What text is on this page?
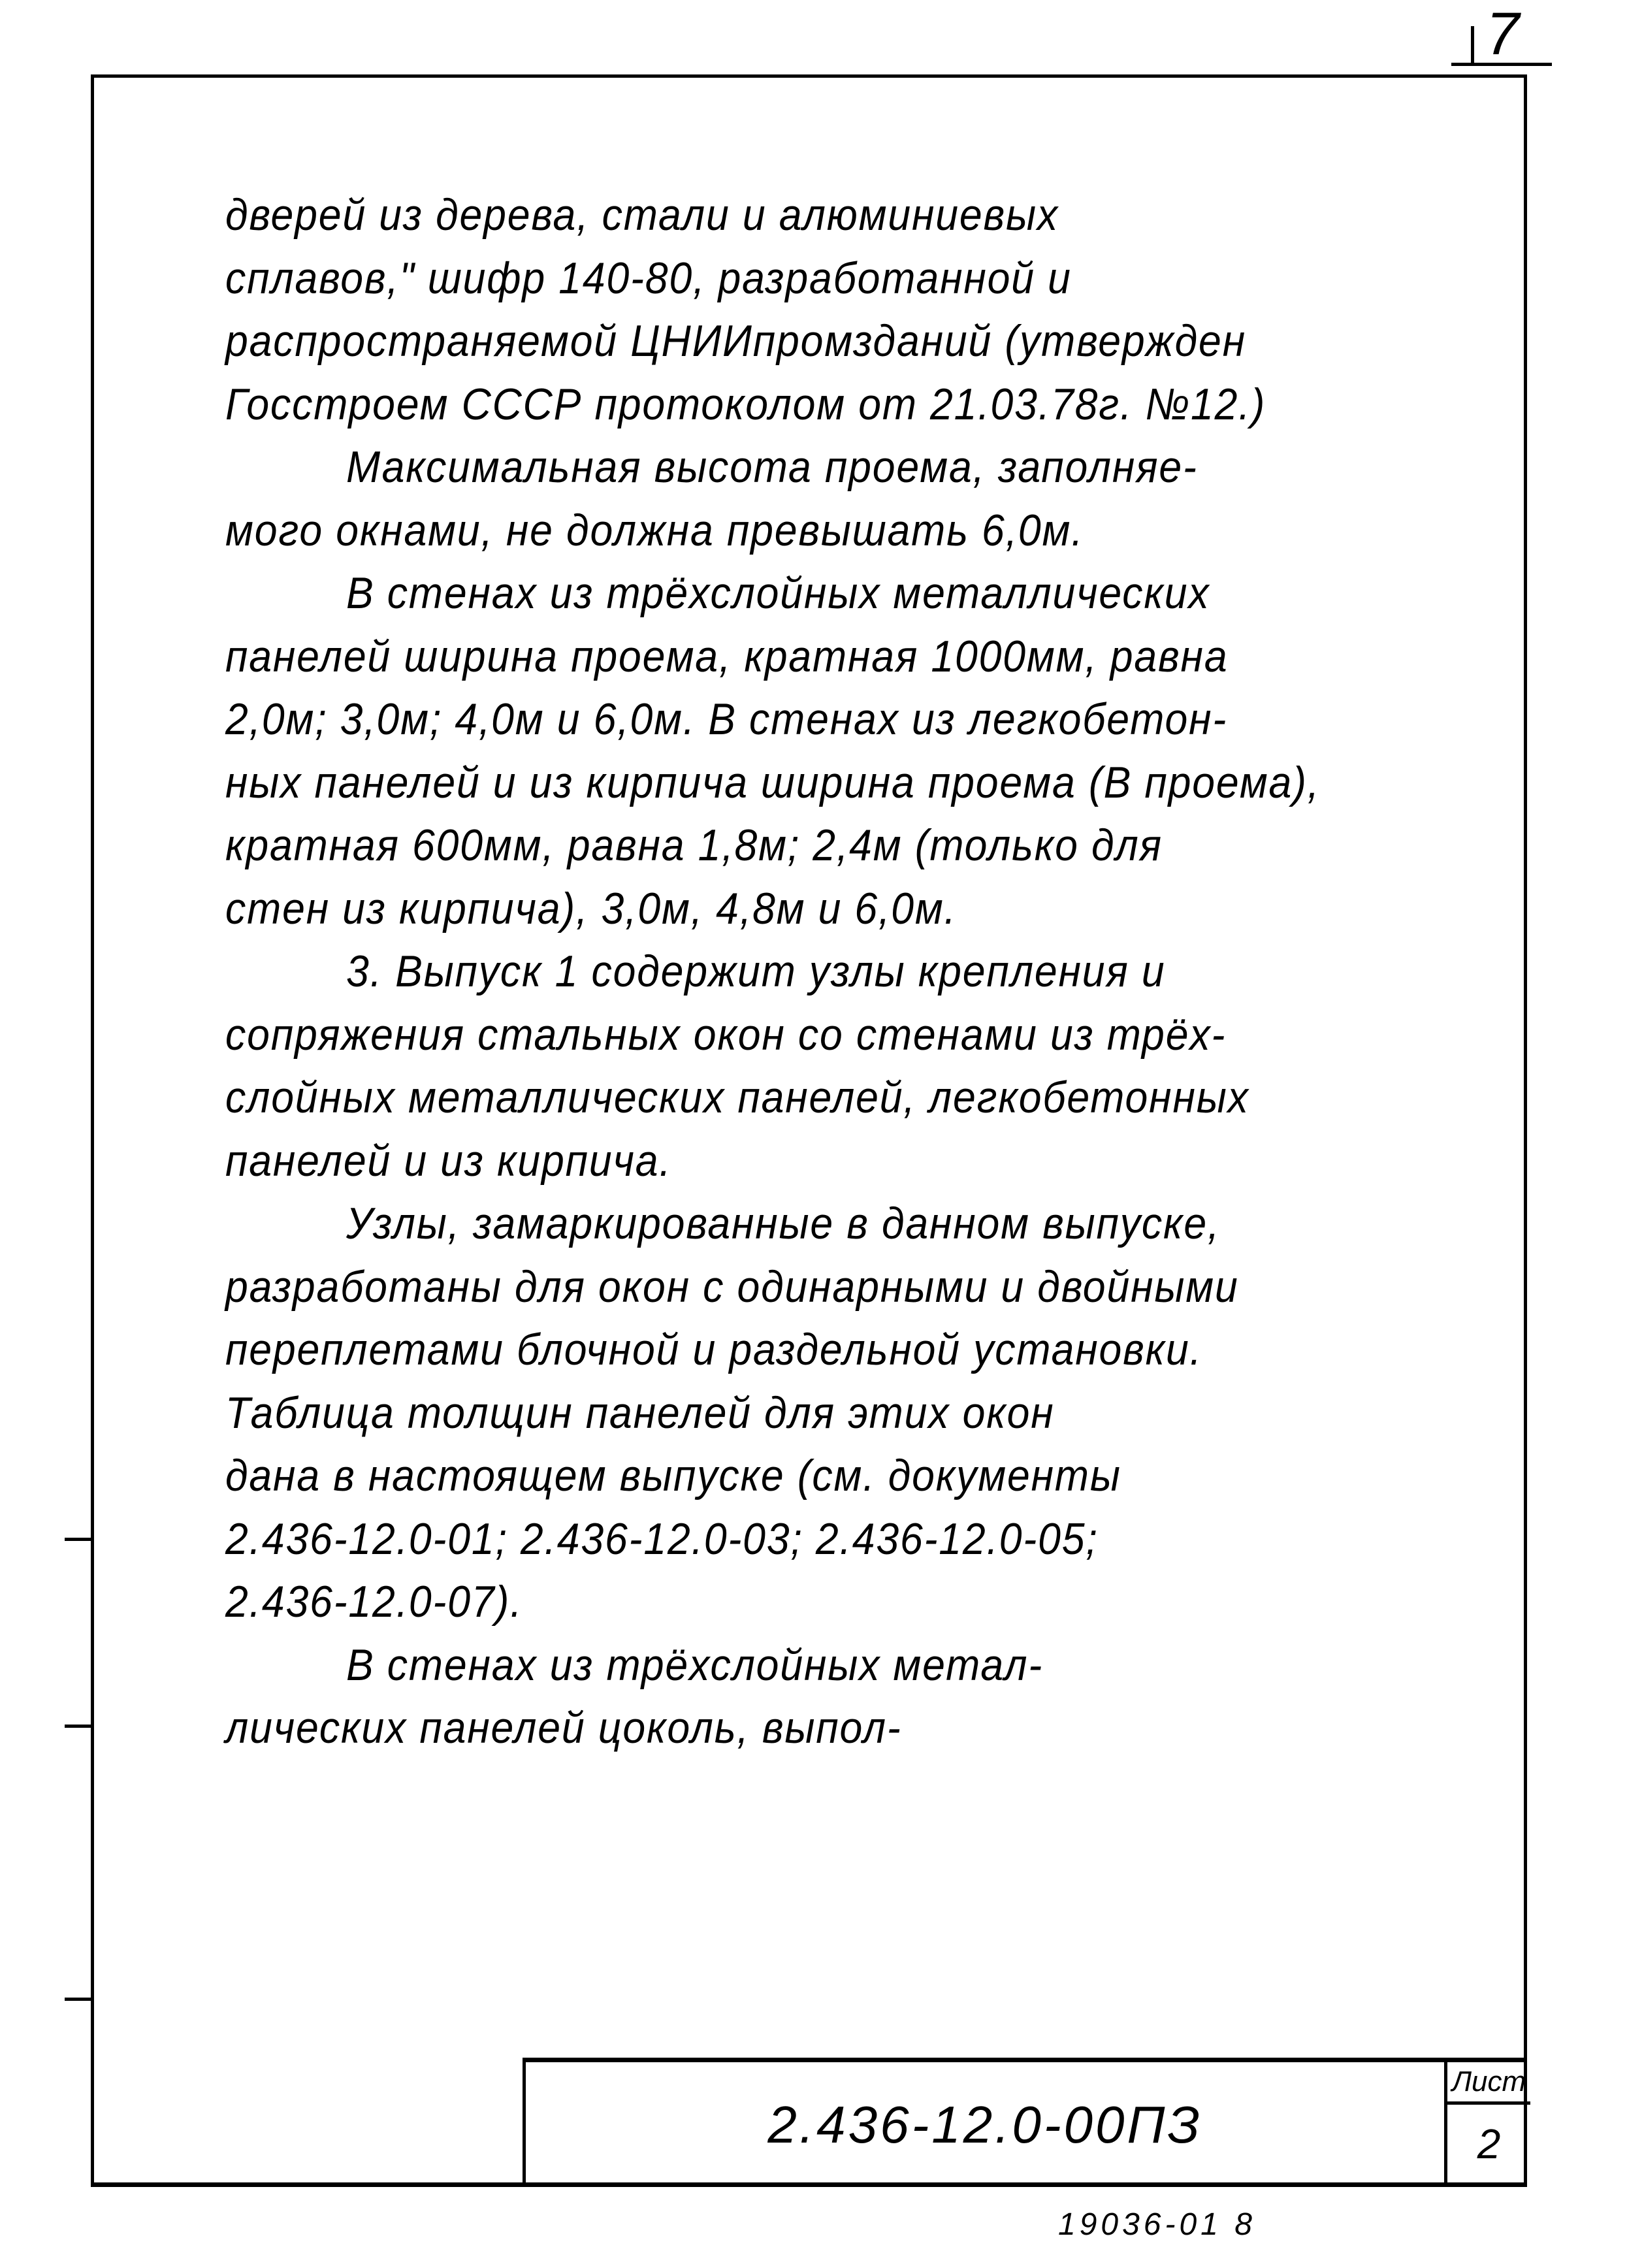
7
дверей из дерева, стали и алюминиевых
сплавов," шифр 140-80, разработанной и
распространяемой ЦНИИпромзданий (утвержден
Госстроем СССР протоколом от 21.03.78г. №12.)
Максимальная высота проема, заполняе-
мого окнами, не должна превышать 6,0м.
В стенах из трёхслойных металлических
панелей ширина проема, кратная 1000мм, равна
2,0м; 3,0м; 4,0м и 6,0м. В стенах из легкобетон-
ных панелей и из кирпича ширина проема (В проема),
кратная 600мм, равна 1,8м; 2,4м (только для
стен из кирпича), 3,0м, 4,8м и 6,0м.
3. Выпуск 1 содержит узлы крепления и
сопряжения стальных окон со стенами из трёх-
слойных металлических панелей, легкобетонных
панелей и из кирпича.
Узлы, замаркированные в данном выпуске,
разработаны для окон с одинарными и двойными
переплетами блочной и раздельной установки.
Таблица толщин панелей для этих окон
дана в настоящем выпуске (см. документы
2.436-12.0-01; 2.436-12.0-03; 2.436-12.0-05;
2.436-12.0-07).
В стенах из трёхслойных метал-
лических панелей цоколь, выпол-
2.436-12.0-00ПЗ
Лист
2
19036-01 8
